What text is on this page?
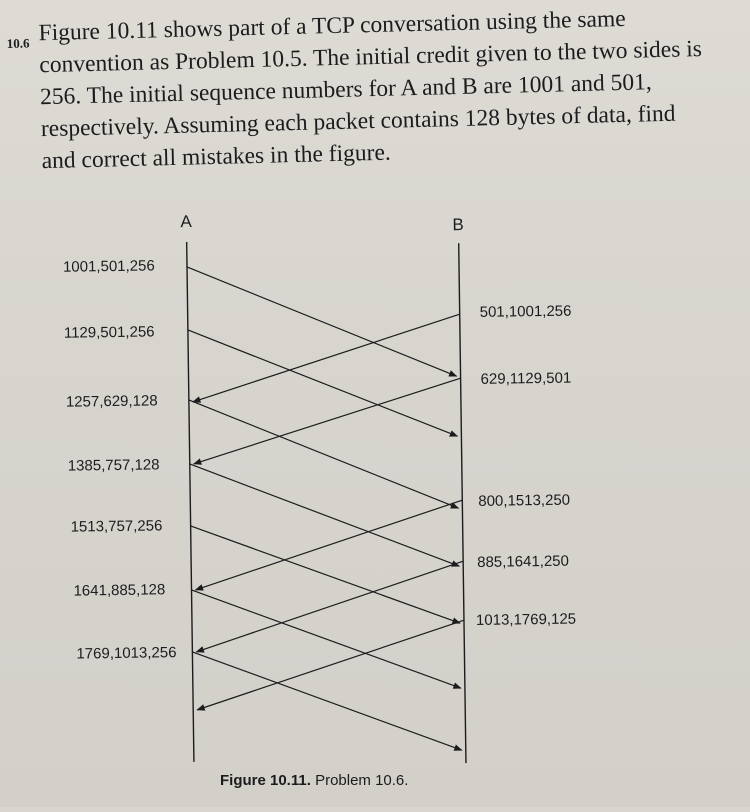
10.6 Figure 10.11 shows part of a TCP conversation using the same
convention as Problem 10.5. The initial credit given to the two sides is
256. The initial sequence numbers for A and B are 1001 and 501,
respectively. Assuming each packet contains 128 bytes of data, find
and correct all mistakes in the figure.
A	B
1001,501,256
1129,501,256
1257,629,128
1385,757,128
1513,757,256
1641,885,128
1769,1013,256
501,1001,256
629,1129,501
800,1513,250
885,1641,250
1013,1769,125
Figure 10.11. Problem 10.6.
